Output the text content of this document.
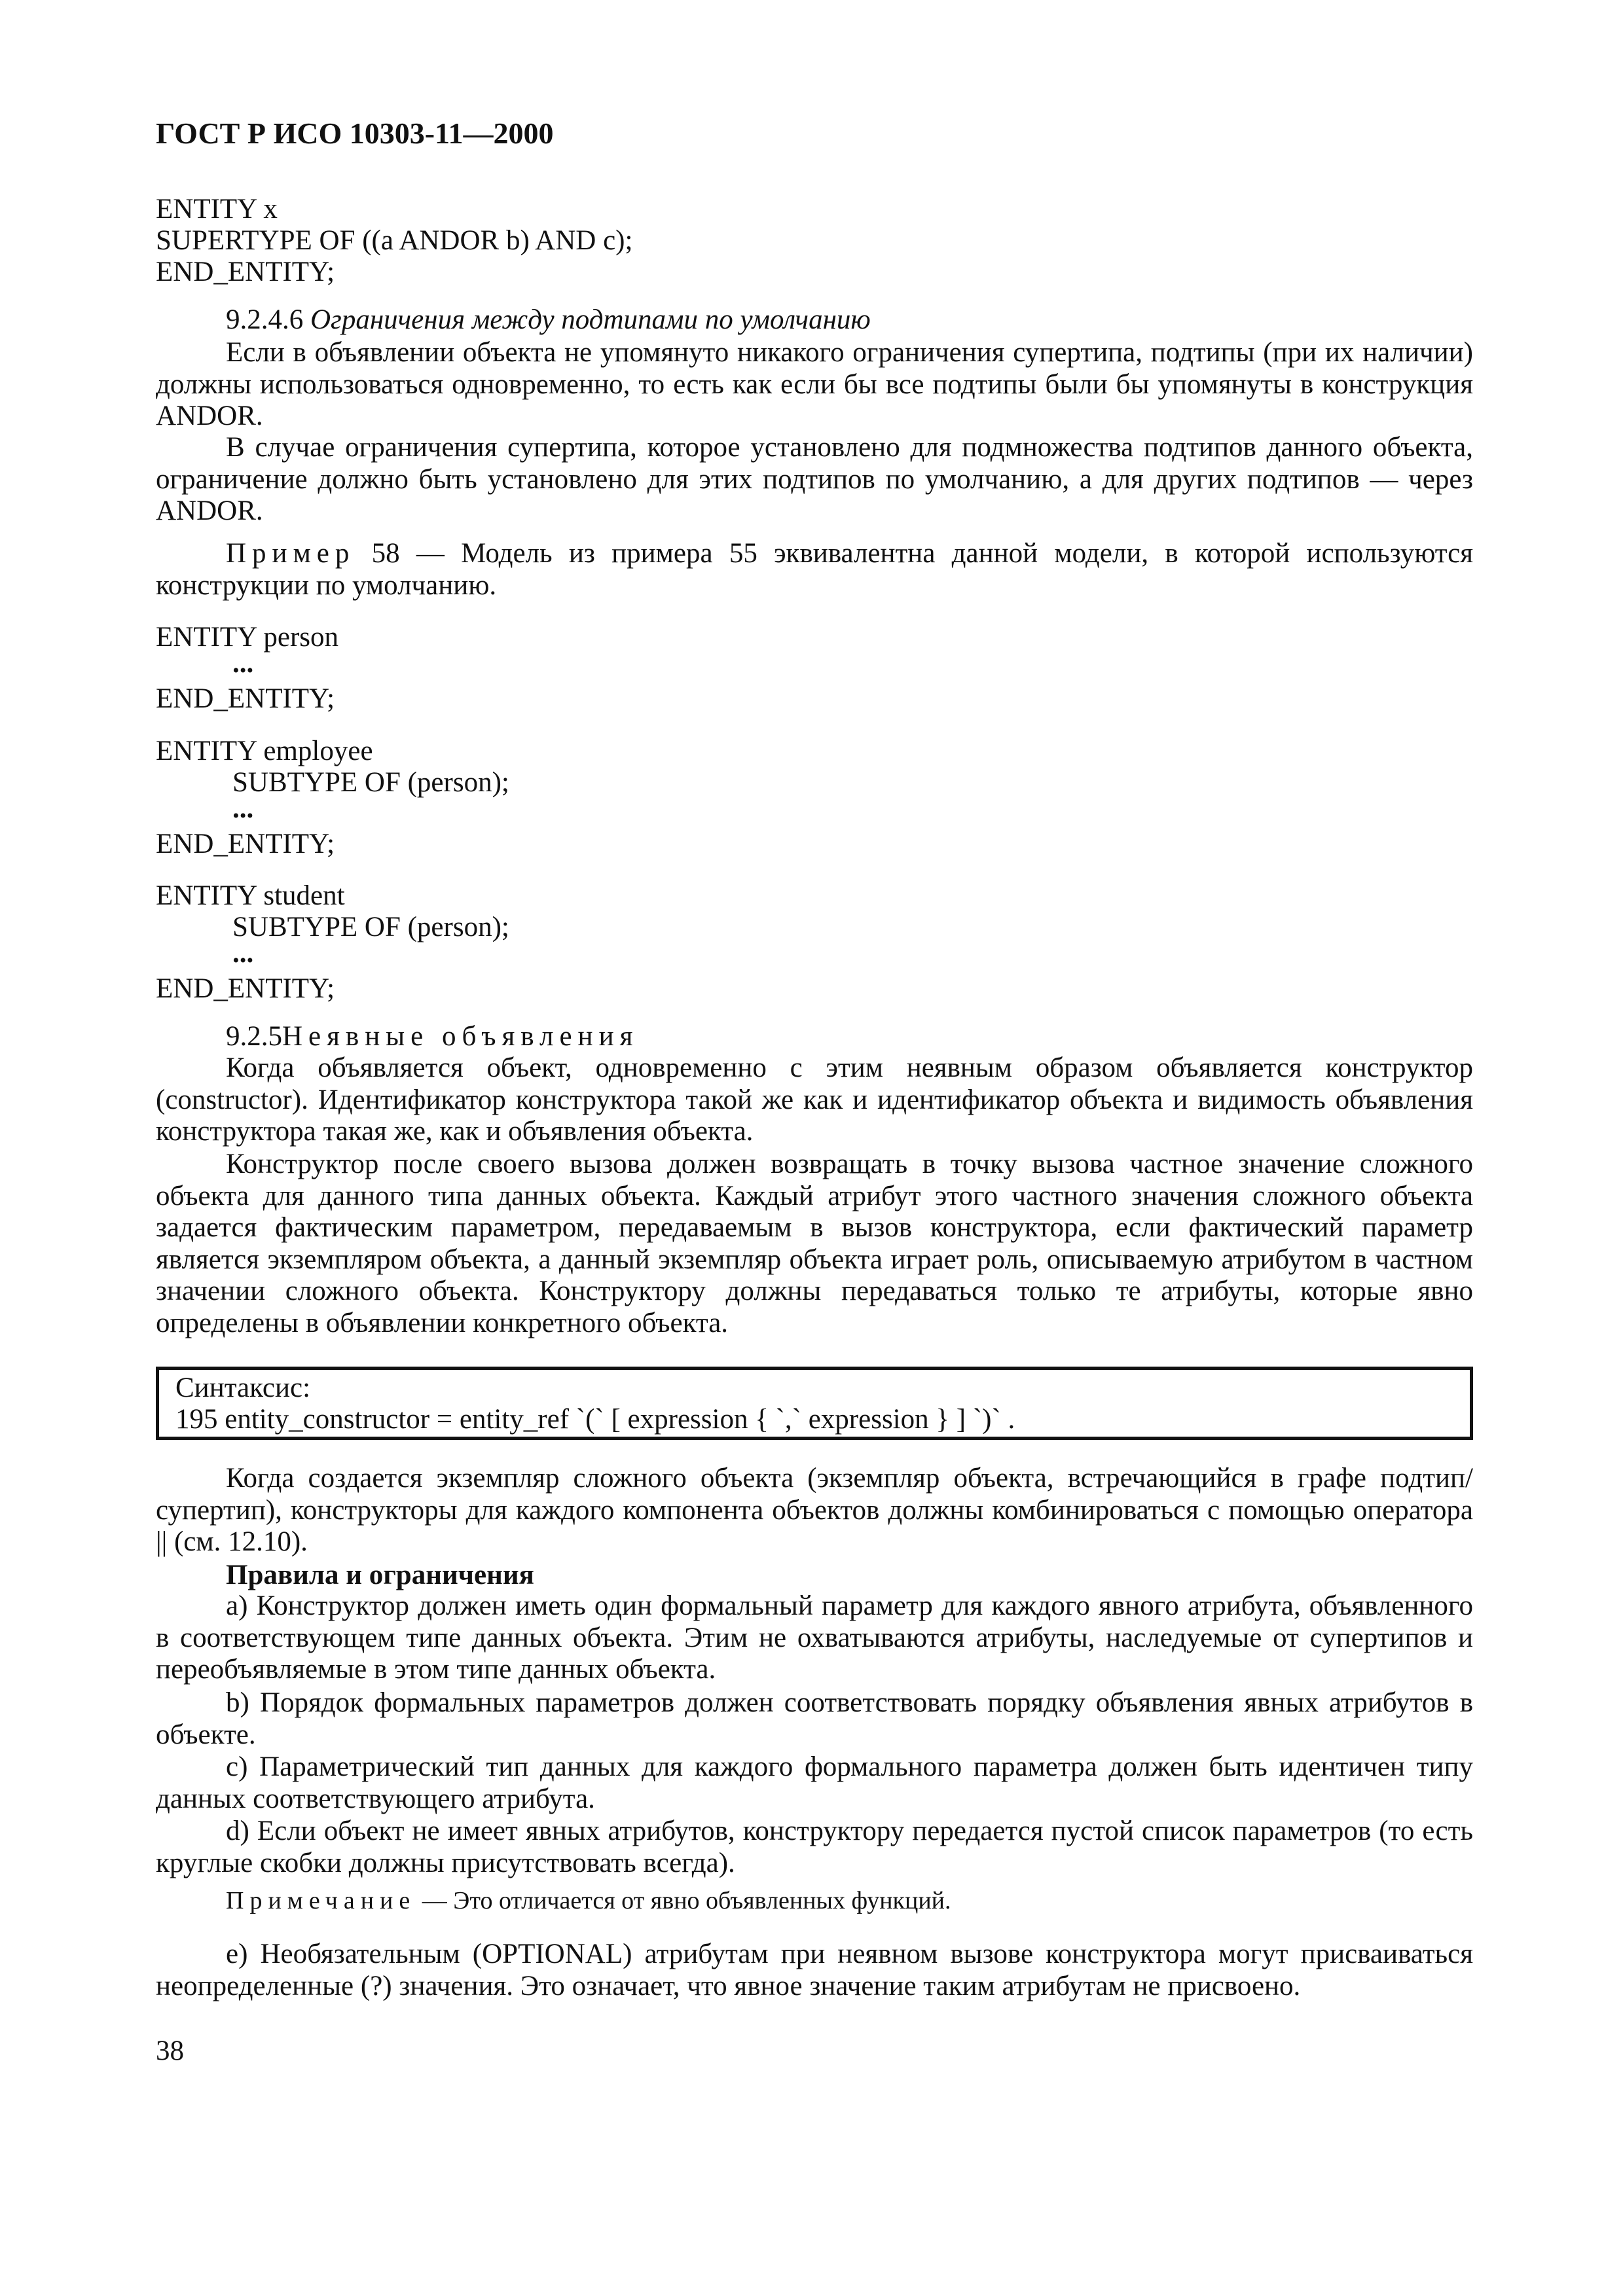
ГОСТ Р ИСО 10303-11—2000
ENTITY x
SUPERTYPE OF ((a ANDOR b) AND c);
END_ENTITY;
9.2.4.6 Ограничения между подтипами по умолчанию
Если в объявлении объекта не упомянуто никакого ограничения супертипа, подтипы (при их наличии) должны использоваться одновременно, то есть как если бы все подтипы были бы упомянуты в конструкция ANDOR.
В случае ограничения супертипа, которое установлено для подмножества подтипов данного объекта, ограничение должно быть установлено для этих подтипов по умолчанию, а для других подтипов — через ANDOR.
Пример 58 — Модель из примера 55 эквивалентна данной модели, в которой используются конструкции по умолчанию.
ENTITY person
...
END_ENTITY;
ENTITY employee
SUBTYPE OF (person);
...
END_ENTITY;
ENTITY student
SUBTYPE OF (person);
...
END_ENTITY;
9.2.5Неявные объявления
Когда объявляется объект, одновременно с этим неявным образом объявляется конструктор (constructor). Идентификатор конструктора такой же как и идентификатор объекта и видимость объявления конструктора такая же, как и объявления объекта.
Конструктор после своего вызова должен возвращать в точку вызова частное значение сложного объекта для данного типа данных объекта. Каждый атрибут этого частного значения сложного объекта задается фактическим параметром, передаваемым в вызов конструктора, если фактический параметр является экземпляром объекта, а данный экземпляр объекта играет роль, описываемую атрибутом в частном значении сложного объекта. Конструктору должны передаваться только те атрибуты, которые явно определены в объявлении конкретного объекта.
Синтаксис:
195 entity_constructor = entity_ref `(` [ expression { `,` expression } ] `)` .
Когда создается экземпляр сложного объекта (экземпляр объекта, встречающийся в графе подтип/супертип), конструкторы для каждого компонента объектов должны комбинироваться с помощью оператора || (см. 12.10).
Правила и ограничения
а) Конструктор должен иметь один формальный параметр для каждого явного атрибута, объявленного в соответствующем типе данных объекта. Этим не охватываются атрибуты, наследуемые от супертипов и переобъявляемые в этом типе данных объекта.
b) Порядок формальных параметров должен соответствовать порядку объявления явных атрибутов в объекте.
с) Параметрический тип данных для каждого формального параметра должен быть идентичен типу данных соответствующего атрибута.
d) Если объект не имеет явных атрибутов, конструктору передается пустой список параметров (то есть круглые скобки должны присутствовать всегда).
Примечание — Это отличается от явно объявленных функций.
е) Необязательным (OPTIONAL) атрибутам при неявном вызове конструктора могут присваиваться неопределенные (?) значения. Это означает, что явное значение таким атрибутам не присвоено.
38
